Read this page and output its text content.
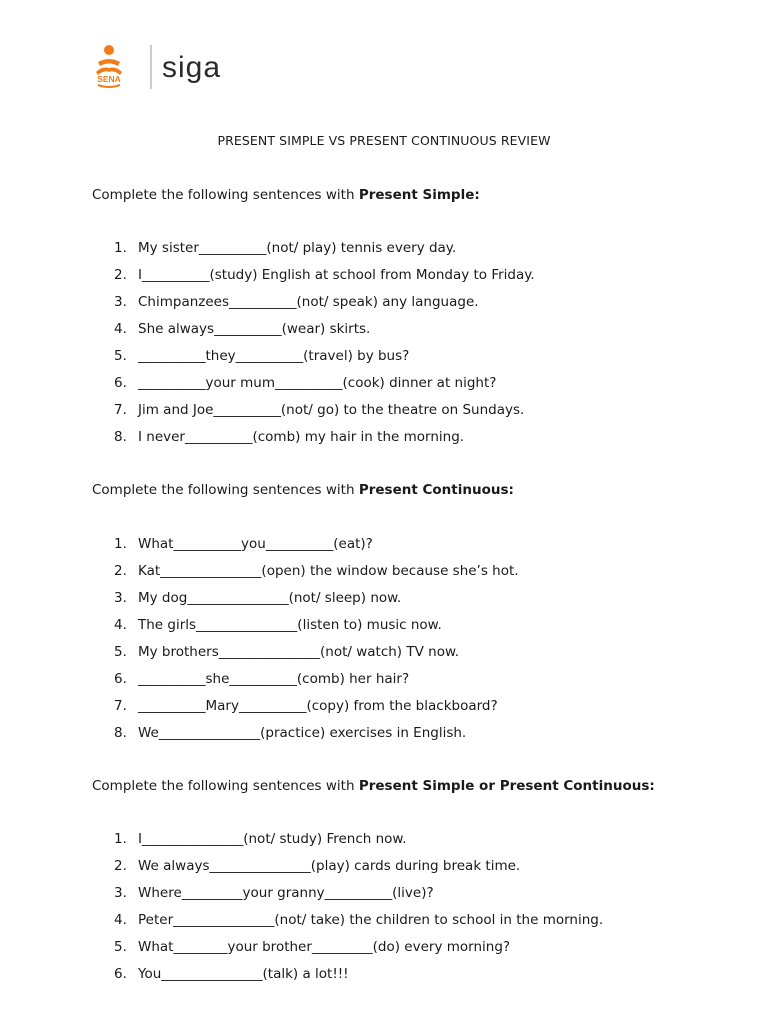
SENA siga
PRESENT SIMPLE VS PRESENT CONTINUOUS REVIEW
Complete the following sentences with Present Simple:
1. My sister__________(not/ play) tennis every day.
2. I__________(study) English at school from Monday to Friday.
3. Chimpanzees__________(not/ speak) any language.
4. She always__________(wear) skirts.
5. __________they__________(travel) by bus?
6. __________your mum__________(cook) dinner at night?
7. Jim and Joe__________(not/ go) to the theatre on Sundays.
8. I never__________(comb) my hair in the morning.
Complete the following sentences with Present Continuous:
1. What__________you__________(eat)?
2. Kat_______________(open) the window because she’s hot.
3. My dog_______________(not/ sleep) now.
4. The girls_______________(listen to) music now.
5. My brothers_______________(not/ watch) TV now.
6. __________she__________(comb) her hair?
7. __________Mary__________(copy) from the blackboard?
8. We_______________(practice) exercises in English.
Complete the following sentences with Present Simple or Present Continuous:
1. I_______________(not/ study) French now.
2. We always_______________(play) cards during break time.
3. Where_________your granny__________(live)?
4. Peter_______________(not/ take) the children to school in the morning.
5. What________your brother_________(do) every morning?
6. You_______________(talk) a lot!!!
